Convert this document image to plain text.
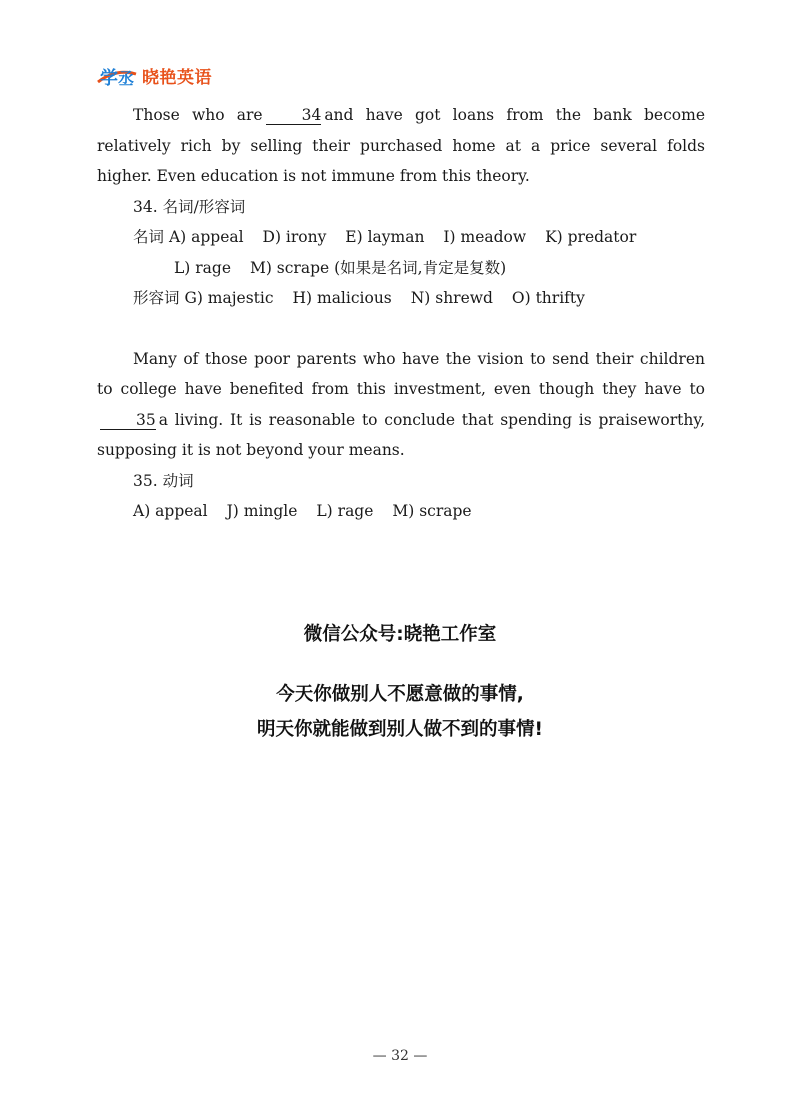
学 丞 晓艳英语

Those who are	34 and have got loans from the bank become relatively rich by selling their purchased home at a price several folds higher. Even education is not immune from this theory.

34. 名词/形容词

名词 A) appeal D) irony E) layman I) meadow K) predator

L) rage M) scrape (如果是名词,肯定是复数)

形容词 G) majestic H) malicious N) shrewd O) thrifty

Many of those poor parents who have the vision to send their children to college have benefited from this investment, even though they have to35 a living. It is reasonable to conclude that spending is praiseworthy, supposing it is not beyond your means.

35. 动词

A) appeal J) mingle L) rage M) scrape

微信公众号:晓艳工作室
今天你做别人不愿意做的事情,
明天你就能做到别人做不到的事情!
— 32 —
